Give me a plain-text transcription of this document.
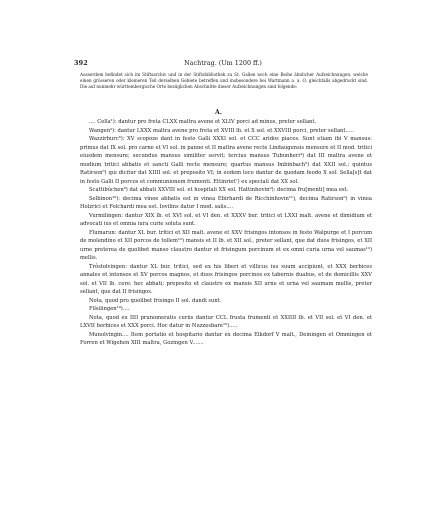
392	Nachtrag. (Um 1200 ff.)

Ausserdem befindet sich im Stiftsarchiv und in der Stiftsbibliothek zu St. Gallen noch eine Reihe ähnlicher Aufzeichnungen, welche einen grösseren oder kleineren Teil derselben Gebiete betreffen und insbesondere bei Wartmann a. a. O. gleichfalls abgedruckt sind. Die auf nunmehr württembergische Orte bezüglichen Abschnitte dieser Aufzeichnungen sind folgende:

A.

.... Cella¹): dantur pro freta CLXX maltra avene et XLIV porci ad minus, preter sellant.

Wangen²): dantur LXXX maltra avene pro freta et XVIII lb. et X sol. et XXVIII porci, preter sellant.....

Wazzirburc³): XV scopoze dant in festo Galli XXXI sol. et CCC aridos piaces. Sunt etiam ibi V mansus: primus dat IX sol. pro carne et VI sol. in panno et II maltra avene recte Lindaugensis mensure et II mod. tritici eiusdem mensure; secundus mansus similiter servit; tercius mansus Tubunheri⁴) dat III maltra avene et modium tritici abbatis et sancti Galli recte mensure; quartus mansus Imbinbach⁵) dat XXII sol.; quintus Ratirson⁶) qui dicitur dat XIIII sol. et preposito VI; in eodem loco dantur de quodam feodo X sol. Sella[s]t dat in festo Galli II porcos et communionem frumenti. Ettinriet⁷) ex speciali dat XX sol.

Scattibûchen⁸) dat abbati XXVIII sol. et hospitali XX sol. Hattinhovin⁹): decima fru[menti] mea est.

Selbinon¹⁰): decima vinee abbatis est in vinea Ebirhardi de Ricchinhovin¹¹), decima Ratirson⁶) in vinea Holzrici et Folchardi mea est. Iovilins datur I mod. salis....

Vurmilingen: dantur XIX lb. et XVI sol. et VI den. et XXXV bur. tritici et LXXI malt. avene et dimidium et advocati ius et omnia iura curie soluta sunt.

Flumarun: dantur XL bur. tritici et XII malt. avene et XXV frisingos intonsos in festo Walpurge et I porcum de molendino et XII porcos de tollem¹²) mansis et II lb. et XII sol., preter sellant, que dat duos frisingos, et XII urne preterea de quolibet manso claustro dantur et frisingum porcinum et ex omni curia urna vel saumas¹³) mellis.

Trôstolvingen: dantur XL bur. tritici, sed ex his liberi et villicus ius suum accipiunt, et XXX berbices annales et intonsos et XV porcos magnos, et duos frisingos porcinos ex tabernis duabus, et de domicillis XXV sol. et VII lb. cere: hec abbati; preposito et claustro ex mansis XII urne et urna vel saumam mellis, preter sellant, que dat II frisingos.

Nota, quod pro quolibet frisingo II sol. dandi sunt.

Filsilingen¹⁴)....

Nota, quod ex IIII prunomeratis curiis dantur CCL frusta frumenti et XXIIII lb. et VII sol. et VI den. et LXVII berbices et XXX porci. Hoc datur in Nuzzesbare¹⁵).....

Munolvingin.... Item portatio et hospitario dantur ex decima Elkdorf V malt., Deiningen et Ommingen et Forren et Wigehen XIII maltra, Gozingen V.......
